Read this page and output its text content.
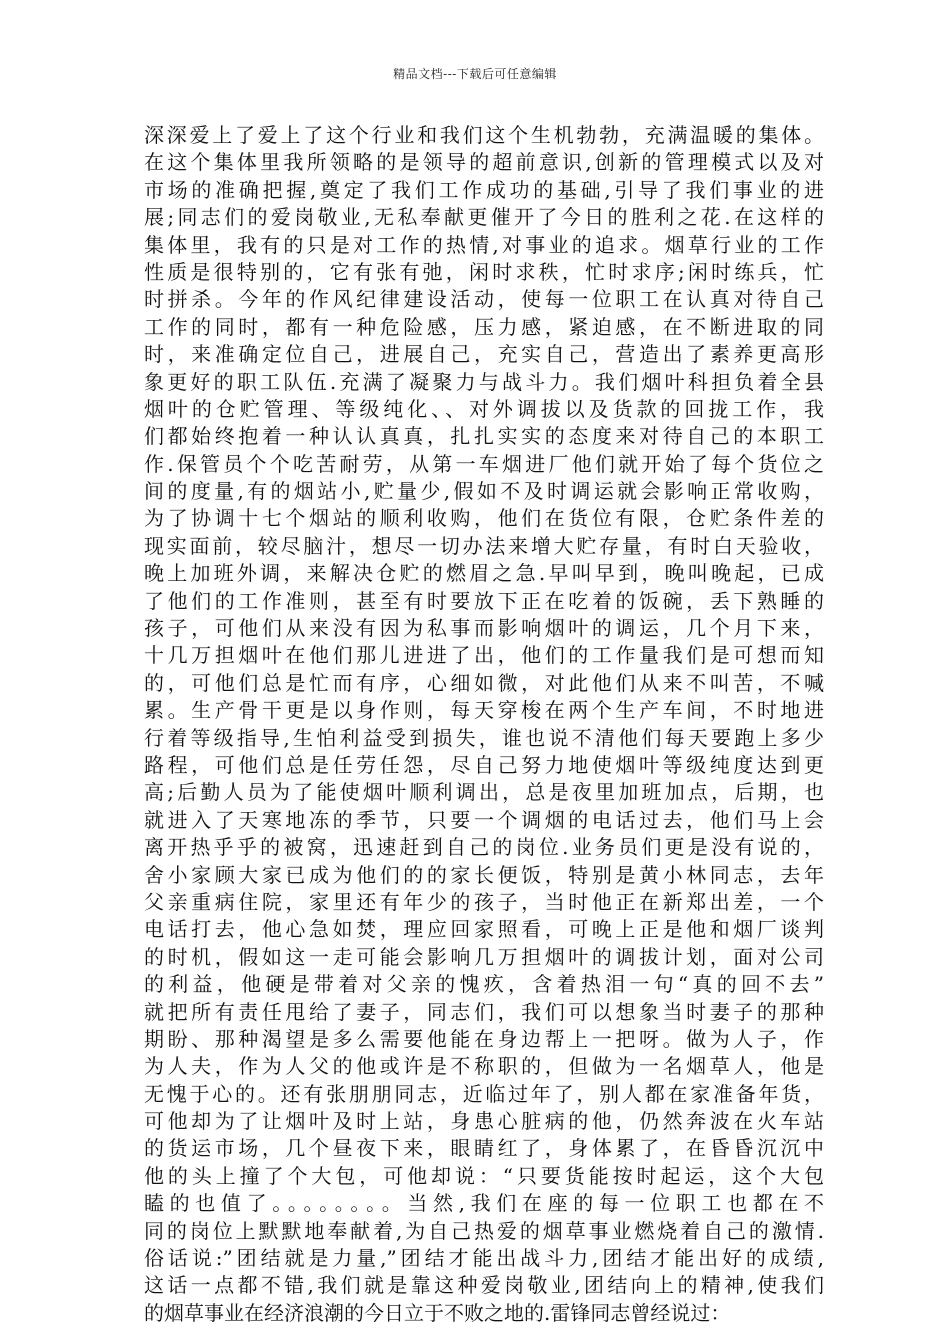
精品文档---下载后可任意编辑
深深爱上了爱上了这个行业和我们这个生机勃勃，充满温暖的集体。
在这个集体里我所领略的是领导的超前意识,创新的管理模式以及对
市场的准确把握,奠定了我们工作成功的基础,引导了我们事业的进
展;同志们的爱岗敬业,无私奉献更催开了今日的胜利之花.在这样的
集体里，我有的只是对工作的热情,对事业的追求。烟草行业的工作
性质是很特别的，它有张有弛，闲时求秩，忙时求序;闲时练兵，忙
时拼杀。今年的作风纪律建设活动，使每一位职工在认真对待自己
工作的同时，都有一种危险感，压力感，紧迫感，在不断进取的同
时，来准确定位自己，进展自己，充实自己，营造出了素养更高形
象更好的职工队伍.充满了凝聚力与战斗力。我们烟叶科担负着全县
烟叶的仓贮管理、等级纯化、、对外调拔以及货款的回拢工作，我
们都始终抱着一种认认真真，扎扎实实的态度来对待自己的本职工
作.保管员个个吃苦耐劳，从第一车烟进厂他们就开始了每个货位之
间的度量,有的烟站小,贮量少,假如不及时调运就会影响正常收购，
为了协调十七个烟站的顺利收购，他们在货位有限，仓贮条件差的
现实面前，较尽脑汁，想尽一切办法来增大贮存量，有时白天验收，
晚上加班外调，来解决仓贮的燃眉之急.早叫早到，晚叫晚起，已成
了他们的工作准则，甚至有时要放下正在吃着的饭碗，丢下熟睡的
孩子，可他们从来没有因为私事而影响烟叶的调运，几个月下来，
十几万担烟叶在他们那儿进进了出，他们的工作量我们是可想而知
的，可他们总是忙而有序，心细如微，对此他们从来不叫苦，不喊
累。生产骨干更是以身作则，每天穿梭在两个生产车间，不时地进
行着等级指导,生怕利益受到损失，谁也说不清他们每天要跑上多少
路程，可他们总是任劳任怨，尽自己努力地使烟叶等级纯度达到更
高;后勤人员为了能使烟叶顺利调出，总是夜里加班加点，后期，也
就进入了天寒地冻的季节，只要一个调烟的电话过去，他们马上会
离开热乎乎的被窝，迅速赶到自己的岗位.业务员们更是没有说的，
舍小家顾大家已成为他们的的家长便饭，特别是黄小林同志，去年
父亲重病住院，家里还有年少的孩子，当时他正在新郑出差，一个
电话打去，他心急如焚，理应回家照看，可晚上正是他和烟厂谈判
的时机，假如这一走可能会影响几万担烟叶的调拔计划，面对公司
的利益，他硬是带着对父亲的愧疚，含着热泪一句“真的回不去”
就把所有责任甩给了妻子，同志们，我们可以想象当时妻子的那种
期盼、那种渴望是多么需要他能在身边帮上一把呀。做为人子，作
为人夫，作为人父的他或许是不称职的，但做为一名烟草人，他是
无愧于心的。还有张朋朋同志，近临过年了，别人都在家准备年货，
可他却为了让烟叶及时上站，身患心脏病的他，仍然奔波在火车站
的货运市场，几个昼夜下来，眼睛红了，身体累了，在昏昏沉沉中
他的头上撞了个大包，可他却说：“只要货能按时起运，这个大包
瞌的也值了。。。。。。。。当然,我们在座的每一位职工也都在不
同的岗位上默默地奉献着,为自己热爱的烟草事业燃烧着自己的激情.
俗话说:”团结就是力量,”团结才能出战斗力,团结才能出好的成绩,
这话一点都不错,我们就是靠这种爱岗敬业,团结向上的精神,使我们
的烟草事业在经济浪潮的今日立于不败之地的.雷锋同志曾经说过：
